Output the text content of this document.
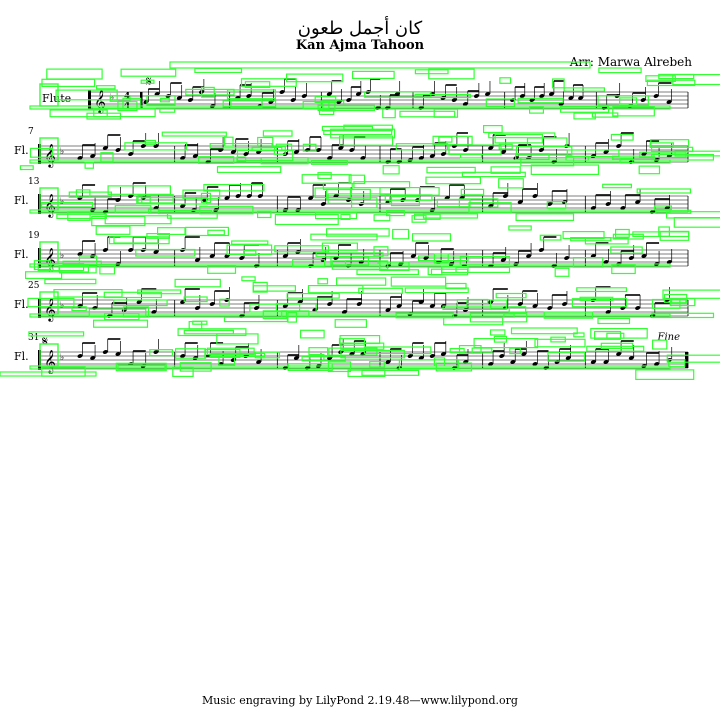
كان أجمل طعون
Kan Ajma Tahoon
Arr: Marwa Alrebeh
Flute	𝄞 ♭ 4
4
𝄋
7
Fl. 𝄞 ♭
13
Fl. 𝄞 ♭
19
Fl. 𝄞 ♭
25
Fl. 𝄞 ♭
31
Fl. 𝄞 ♭
𝄋	Fine
Music engraving by LilyPond 2.19.48—www.lilypond.org
